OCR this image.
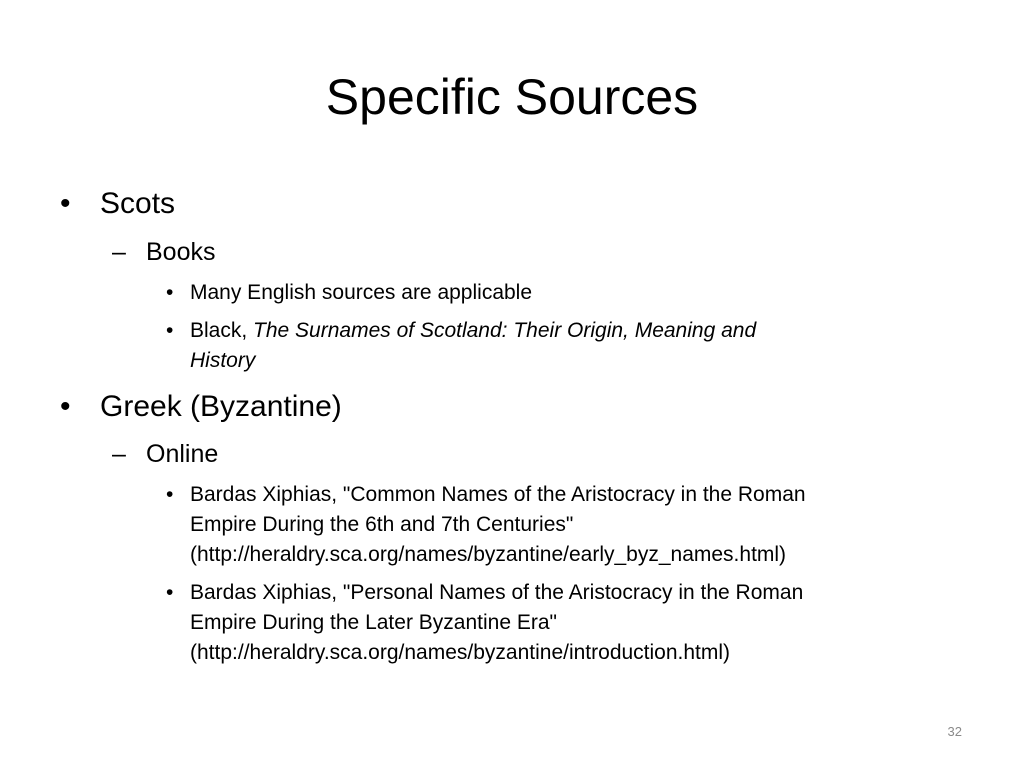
Specific Sources
• Scots
– Books
• Many English sources are applicable
• Black, The Surnames of Scotland: Their Origin, Meaning and
History
• Greek (Byzantine)
– Online
• Bardas Xiphias, "Common Names of the Aristocracy in the Roman
Empire During the 6th and 7th Centuries"
(http://heraldry.sca.org/names/byzantine/early_byz_names.html)
• Bardas Xiphias, "Personal Names of the Aristocracy in the Roman
Empire During the Later Byzantine Era"
(http://heraldry.sca.org/names/byzantine/introduction.html)
32
